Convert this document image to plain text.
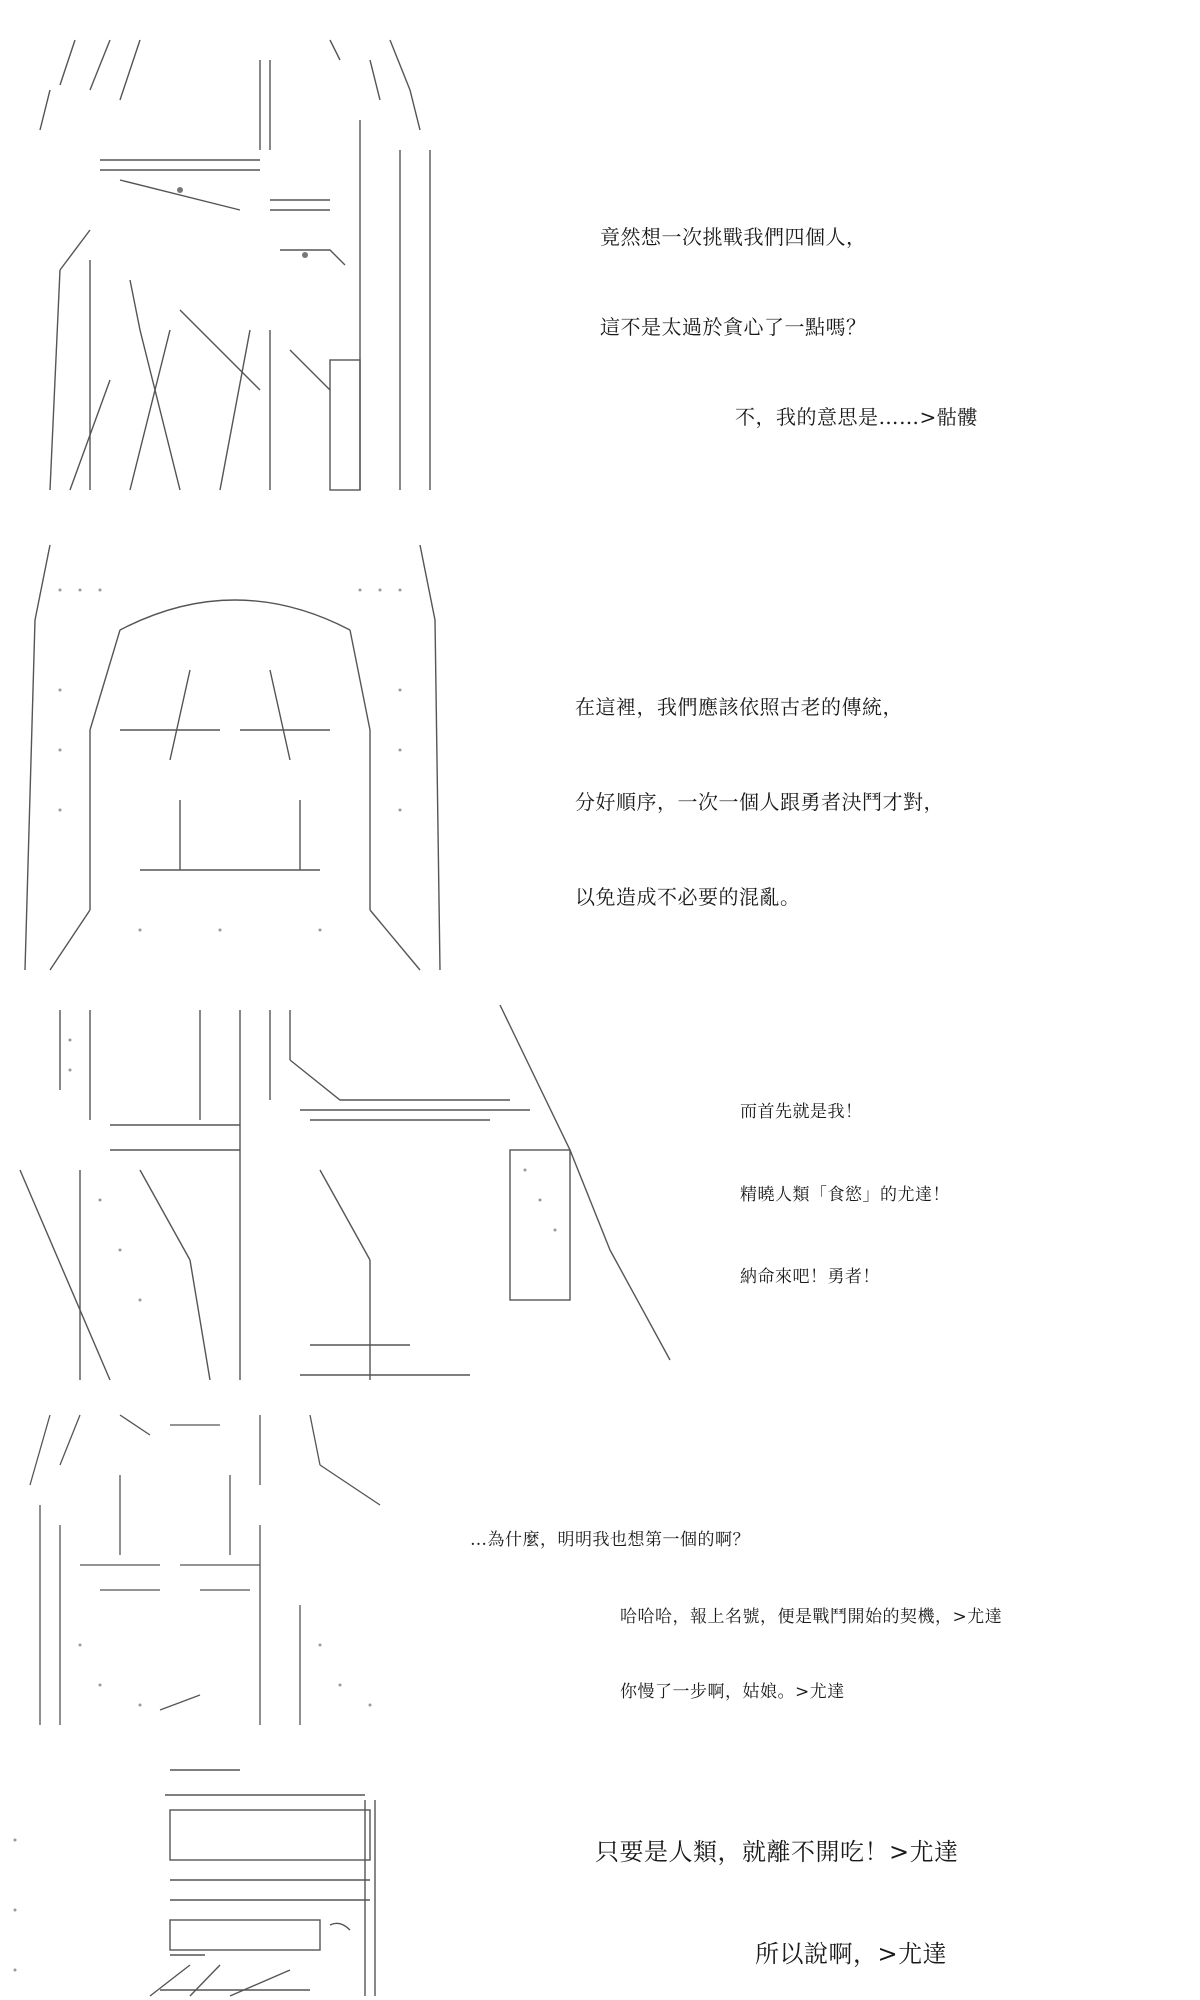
竟然想一次挑戰我們四個人，
這不是太過於貪心了一點嗎？
不，我的意思是……>骷髏
在這裡，我們應該依照古老的傳統，
分好順序，一次一個人跟勇者決鬥才對，
以免造成不必要的混亂。
而首先就是我！
精曉人類「食慾」的尤達！
納命來吧！勇者！
…為什麼，明明我也想第一個的啊？
哈哈哈，報上名號，便是戰鬥開始的契機，>尤達
你慢了一步啊，姑娘。>尤達
只要是人類，就離不開吃！>尤達
所以說啊，>尤達
